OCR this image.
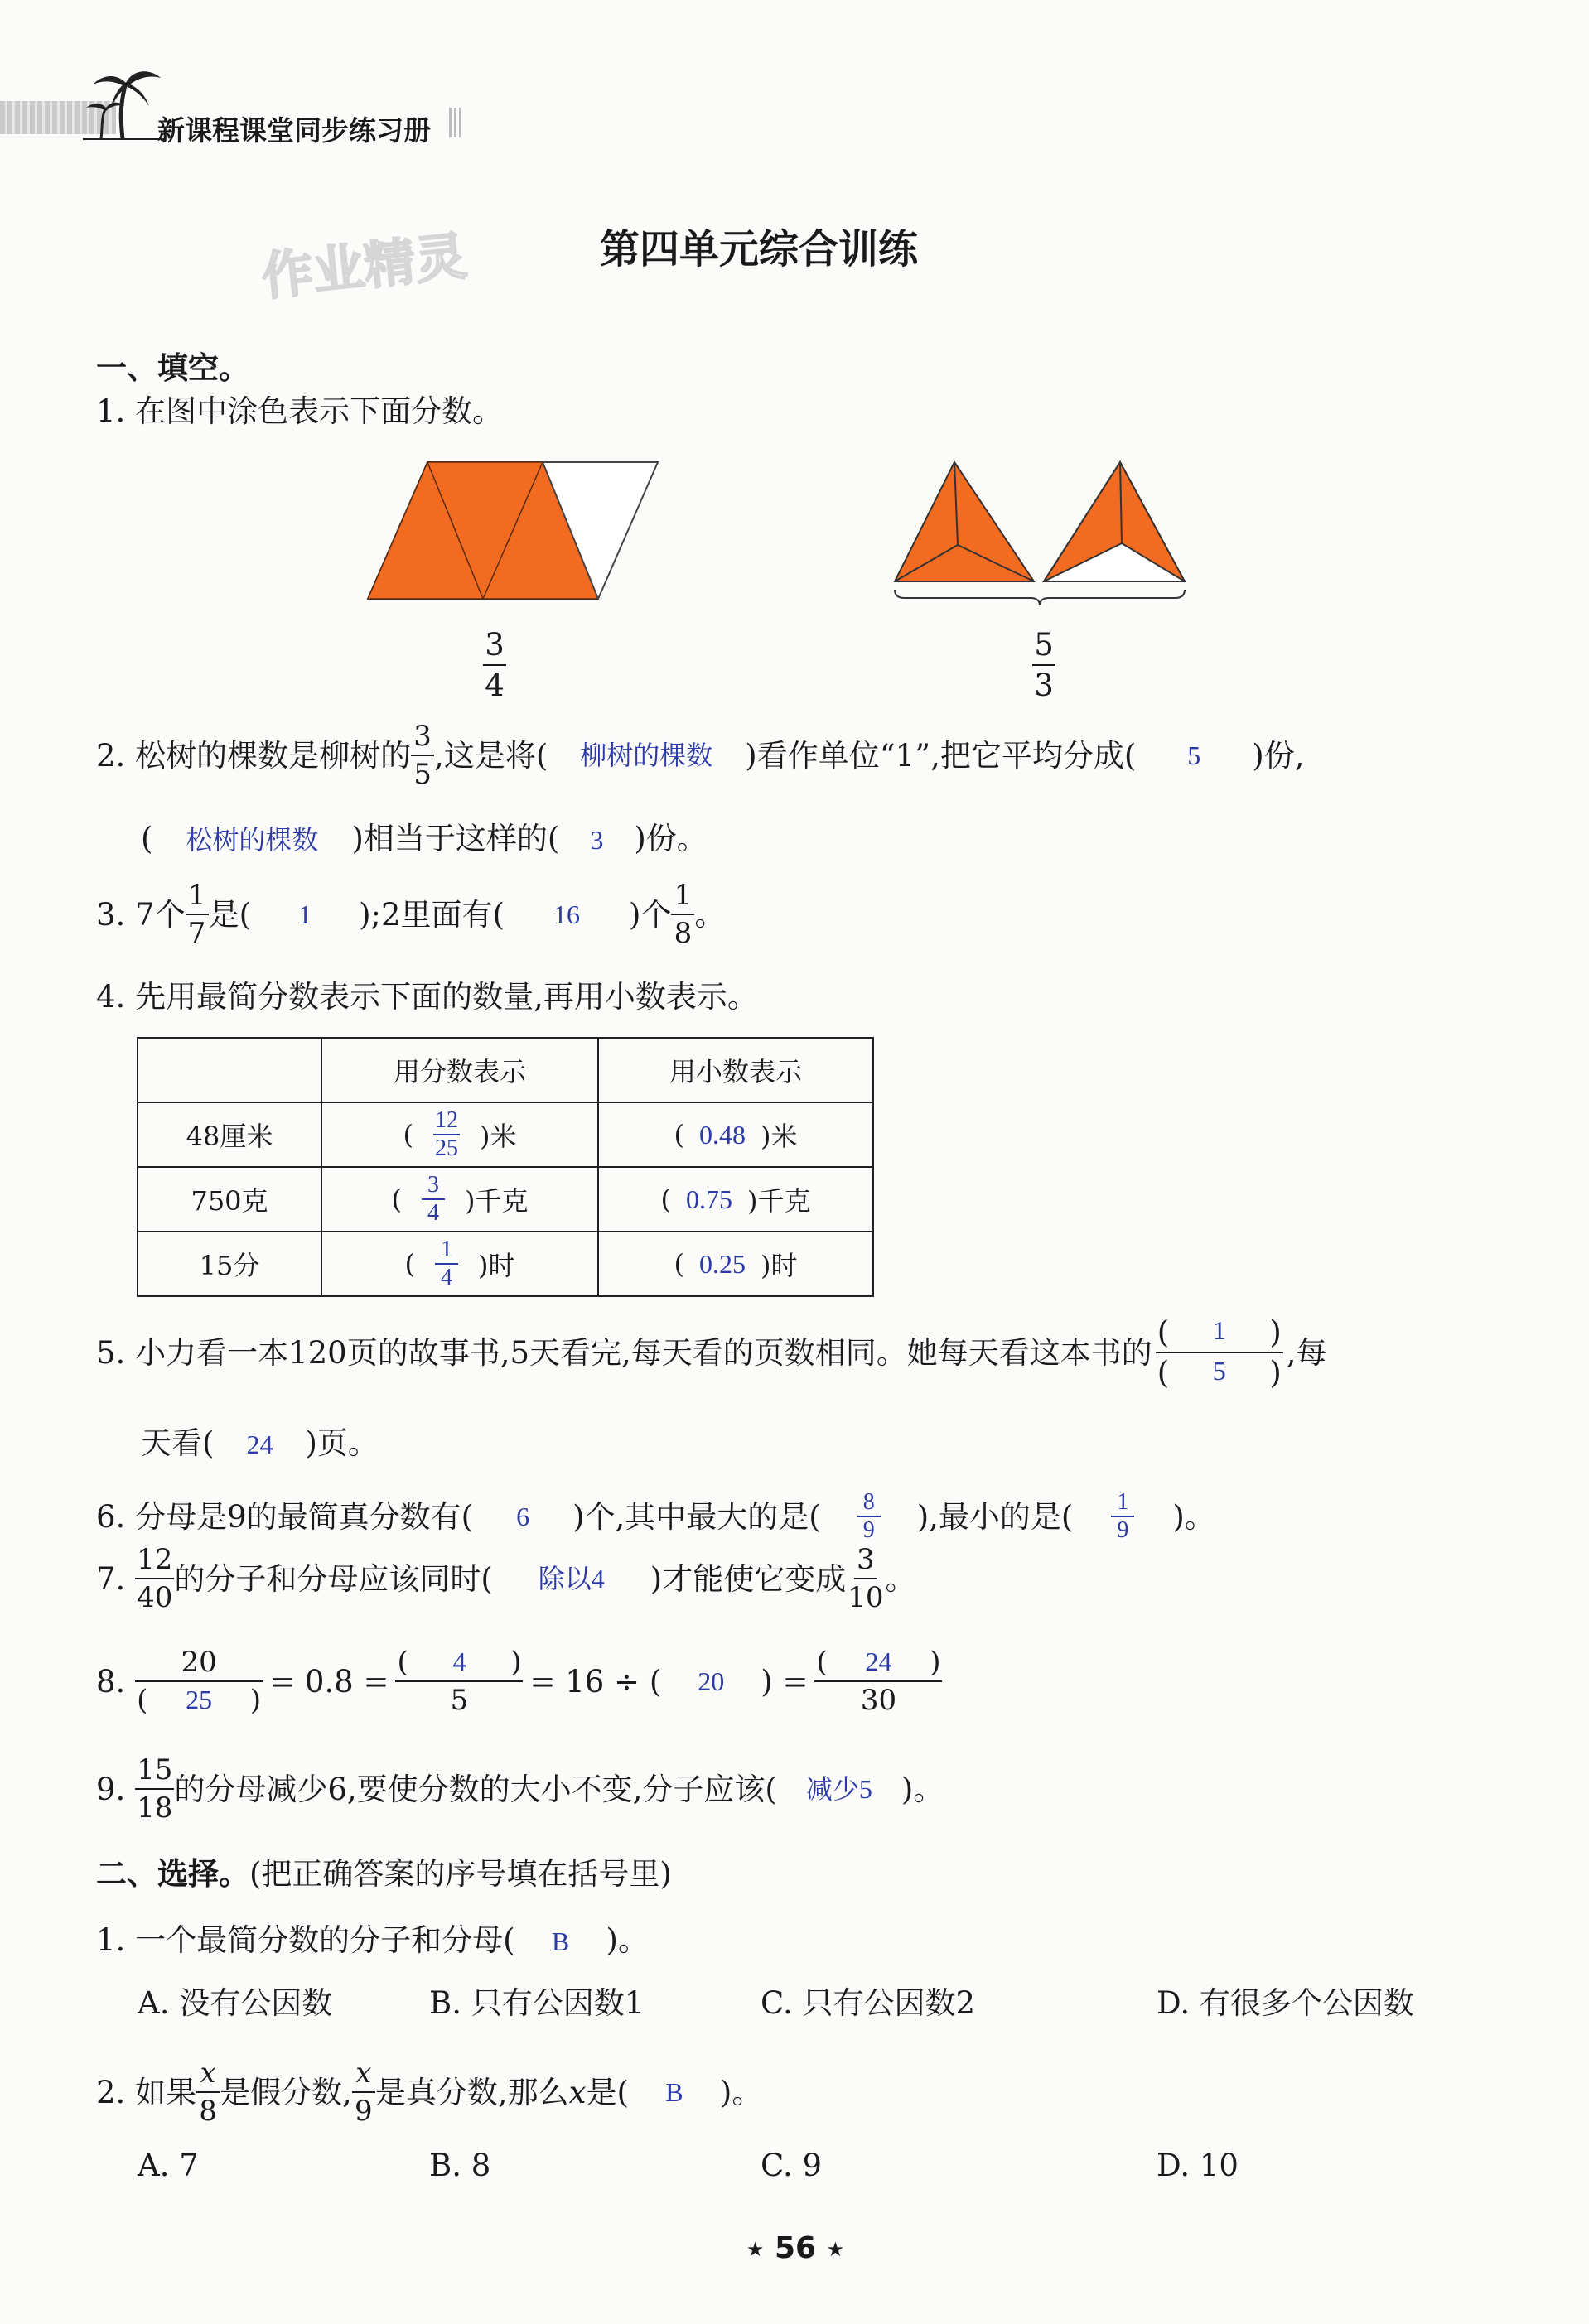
新课程课堂同步练习册
作业精灵	第四单元综合训练
一、填空。
1. 在图中涂色表示下面分数。
$\frac{3}{4}$	$\frac{5}{3}$
2.
松树的棵数是柳树的 $\frac{3}{5}$ ,这是将(	柳树的棵数	)看作单位“1”,把它平均分成(	5	)份,
( 松树的棵数 )相当于这样的( 3 )份。
3.
7个 $\frac{1}{7}$ 是(	1	);2里面有(	16	)个 $\frac{1}{8}$ 。
4. 先用最简分数表示下面的数量,再用小数表示。
	用分数表示	用小数表示
48厘米	( $\frac{12}{25}$ )米	( 0.48 )米

750克	( $\frac{3}{4}$ )千克	( 0.75 )千克

15分	( $\frac{1}{4}$ )时	( 0.25 )时
5.
小力看一本120页的故事书,5天看完,每天看的页数相同。她每天看这本书的 $\frac{( 1 )}{( 5 )}$ ,每
天看( 24 )页。
6.
分母是9的最简真分数有(	6	)个,其中最大的是( $\frac{8}{9}$ ),最小的是( $\frac{1}{9}$ )。
7.
$\frac{12}{40}$ 的分子和分母应该同时(	除以4	)才能使它变成 $\frac{3}{10}$ 。
8.
$\frac{20}{( 25 )} = 0.8 = \frac{( 4 )}{5} = 16$ ÷ (	20	) = $\frac{( 24 )}{30}$
9.
$\frac{15}{18}$ 的分母减少6,要使分数的大小不变,分子应该(	减少5 )。
二、选择。(把正确答案的序号填在括号里)
1. 一个最简分数的分子和分母( B )。
A. 没有公因数	B. 只有公因数1	C. 只有公因数2	D. 有很多个公因数
2.
如果 $\frac{x}{8}$ 是假分数, $\frac{x}{9}$ 是真分数,那么 x 是(	B	)。
A. 7	B. 8	C. 9	D. 10
★ 56 ★
